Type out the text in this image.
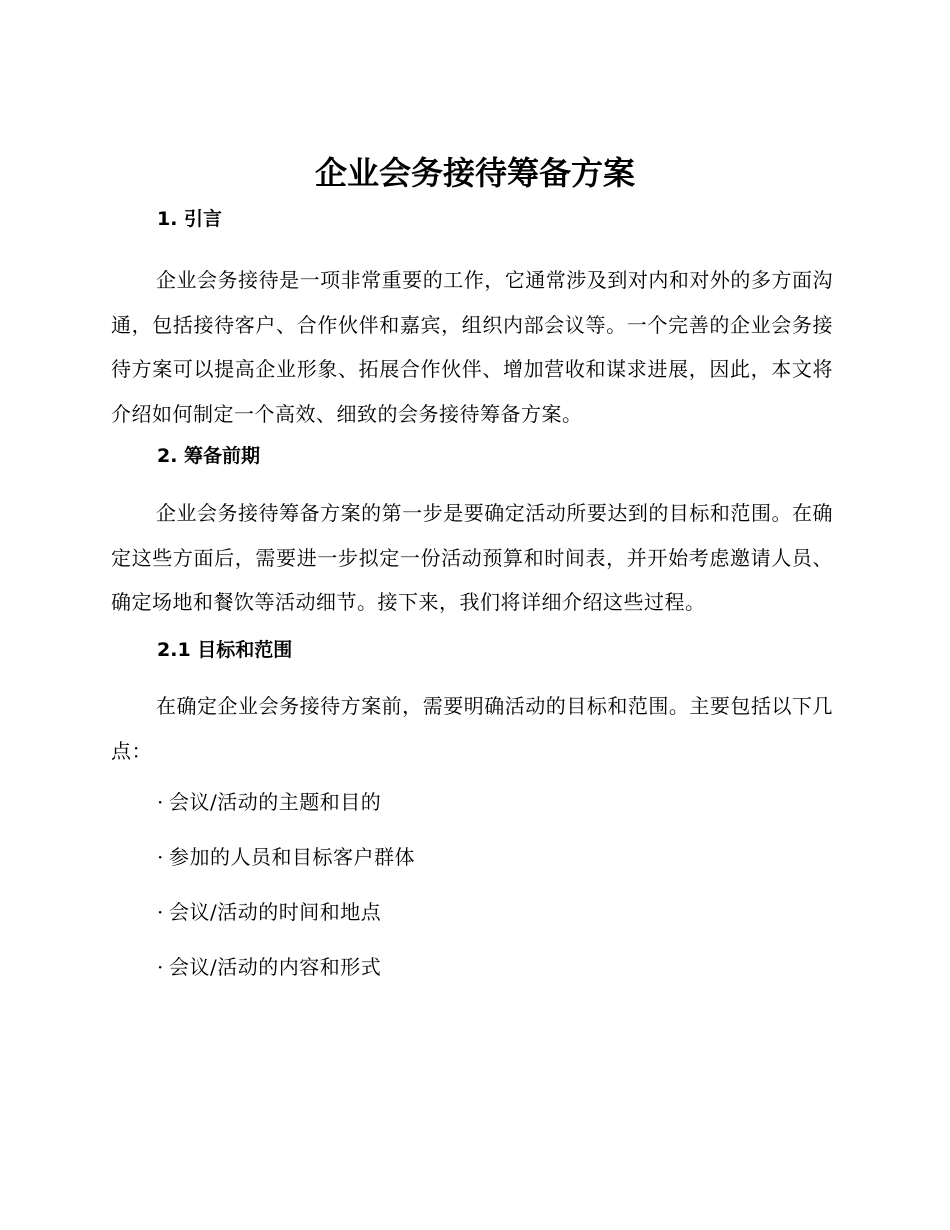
企业会务接待筹备方案
1. 引言

企业会务接待是一项非常重要的工作，它通常涉及到对内和对外的多方面沟通，包括接待客户、合作伙伴和嘉宾，组织内部会议等。一个完善的企业会务接待方案可以提高企业形象、拓展合作伙伴、增加营收和谋求进展，因此，本文将介绍如何制定一个高效、细致的会务接待筹备方案。

2. 筹备前期

企业会务接待筹备方案的第一步是要确定活动所要达到的目标和范围。在确定这些方面后，需要进一步拟定一份活动预算和时间表，并开始考虑邀请人员、确定场地和餐饮等活动细节。接下来，我们将详细介绍这些过程。

2.1 目标和范围

在确定企业会务接待方案前，需要明确活动的目标和范围。主要包括以下几点：

· 会议/活动的主题和目的
· 参加的人员和目标客户群体
· 会议/活动的时间和地点
· 会议/活动的内容和形式
